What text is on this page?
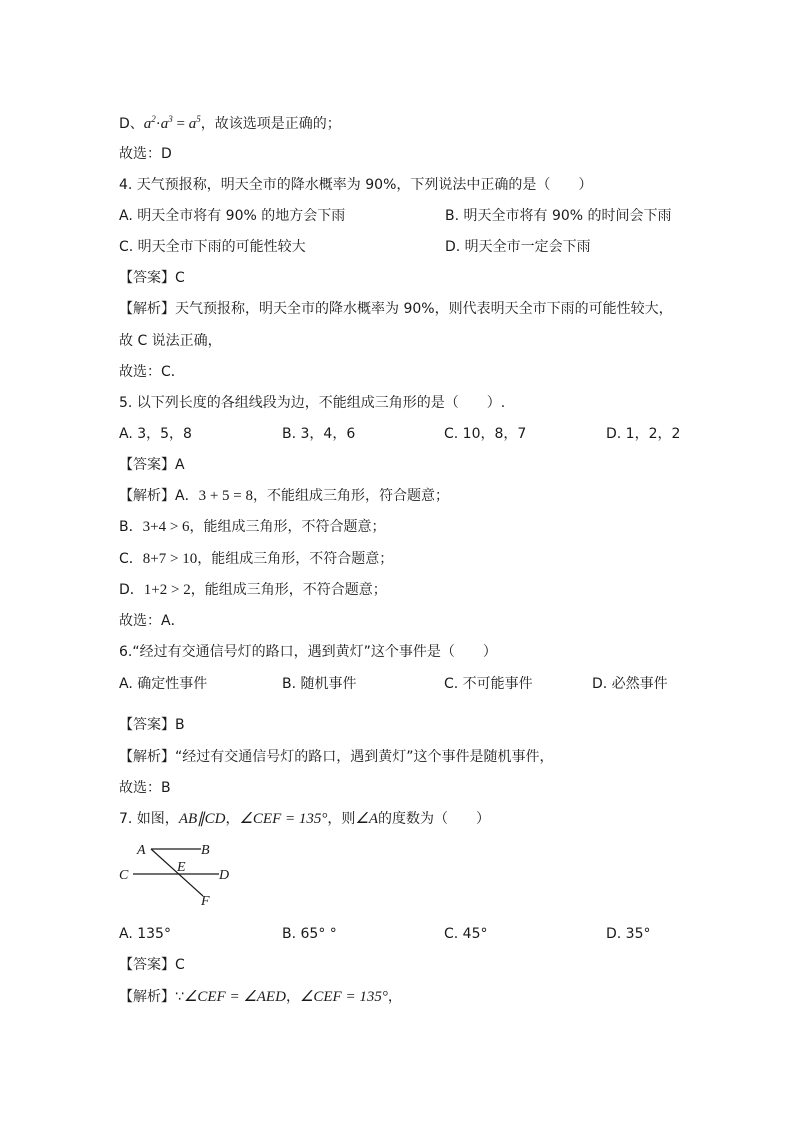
D、$a^2\cdot a^3 = a^5$，故该选项是正确的；
故选：D
4. 天气预报称，明天全市的降水概率为 90%，下列说法中正确的是（　　）
A. 明天全市将有 90% 的地方会下雨	B. 明天全市将有 90% 的时间会下雨
C. 明天全市下雨的可能性较大	D. 明天全市一定会下雨
【答案】C
【解析】天气预报称，明天全市的降水概率为 90%，则代表明天全市下雨的可能性较大，
故 C 说法正确，
故选：C．
5. 以下列长度的各组线段为边，不能组成三角形的是（　　）.
A. 3，5，8	B. 3，4，6	C. 10，8，7	D. 1，2，2
【答案】A
【解析】A．3 + 5 = 8，不能组成三角形，符合题意；
B．3+4 > 6，能组成三角形，不符合题意；
C．8+7 > 10，能组成三角形，不符合题意；
D．1+2 > 2，能组成三角形，不符合题意；
故选：A．
6.“经过有交通信号灯的路口，遇到黄灯”这个事件是（　　）
A. 确定性事件	B. 随机事件	C. 不可能事件	D. 必然事件
【答案】B
【解析】“经过有交通信号灯的路口，遇到黄灯”这个事件是随机事件，
故选：B
7. 如图，AB∥CD，∠CEF = 135°，则∠A的度数为（　　）
A	B
C
E
D
F
A. 135°	B. 65° °	C. 45°	D. 35°
【答案】C
【解析】∵∠CEF = ∠AED，∠CEF = 135°，
